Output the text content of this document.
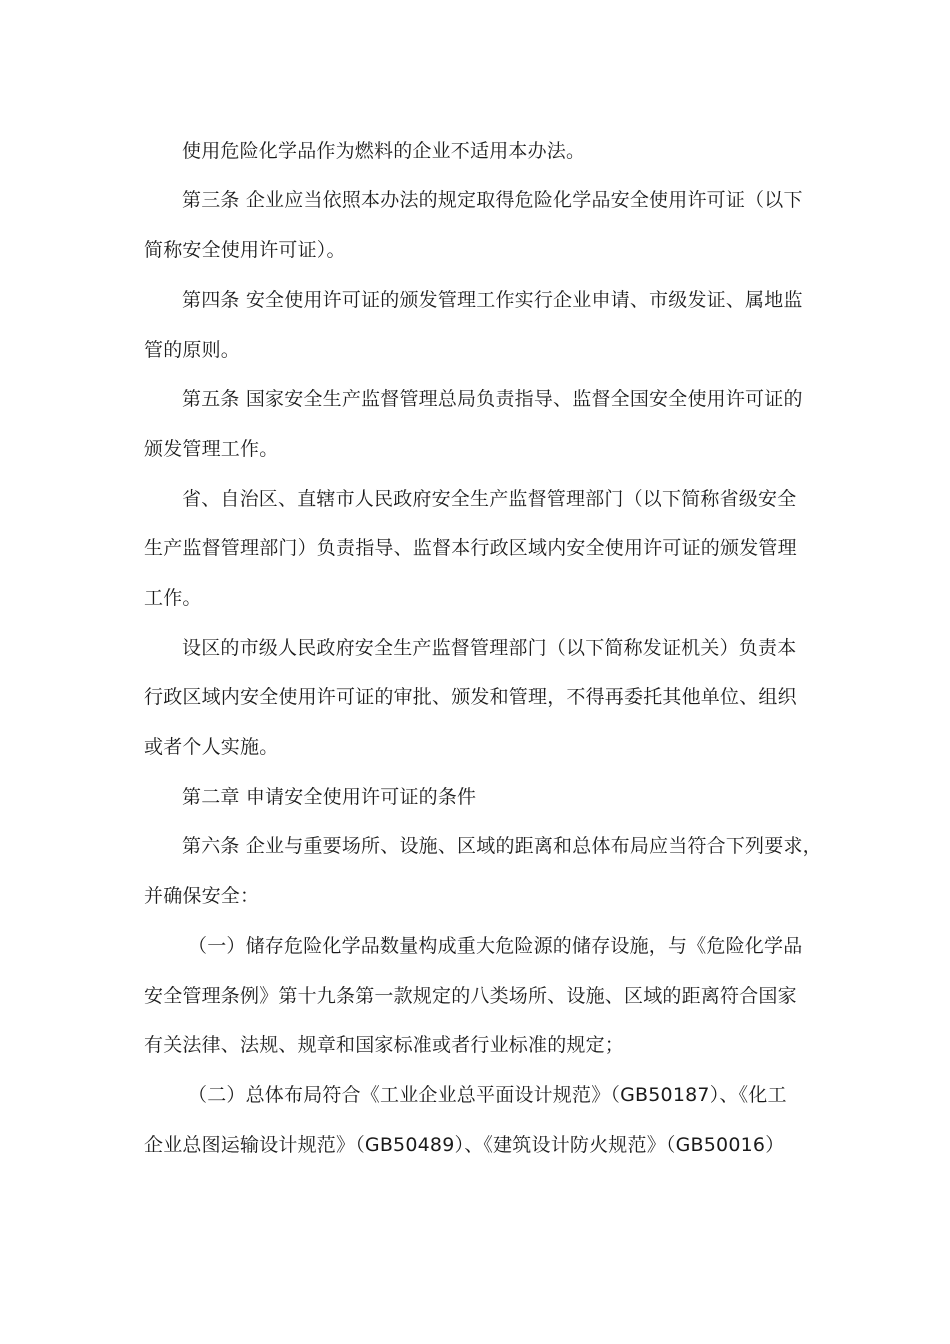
使用危险化学品作为燃料的企业不适用本办法。
第三条 企业应当依照本办法的规定取得危险化学品安全使用许可证（以下
简称安全使用许可证）。
第四条 安全使用许可证的颁发管理工作实行企业申请、市级发证、属地监
管的原则。
第五条 国家安全生产监督管理总局负责指导、监督全国安全使用许可证的
颁发管理工作。
省、自治区、直辖市人民政府安全生产监督管理部门（以下简称省级安全
生产监督管理部门）负责指导、监督本行政区域内安全使用许可证的颁发管理
工作。
设区的市级人民政府安全生产监督管理部门（以下简称发证机关）负责本
行政区域内安全使用许可证的审批、颁发和管理，不得再委托其他单位、组织
或者个人实施。
第二章 申请安全使用许可证的条件
第六条 企业与重要场所、设施、区域的距离和总体布局应当符合下列要求，
并确保安全：
（一）储存危险化学品数量构成重大危险源的储存设施，与《危险化学品
安全管理条例》第十九条第一款规定的八类场所、设施、区域的距离符合国家
有关法律、法规、规章和国家标准或者行业标准的规定；
（二）总体布局符合《工业企业总平面设计规范》（GB50187）、《化工
企业总图运输设计规范》（GB50489）、《建筑设计防火规范》（GB50016）
